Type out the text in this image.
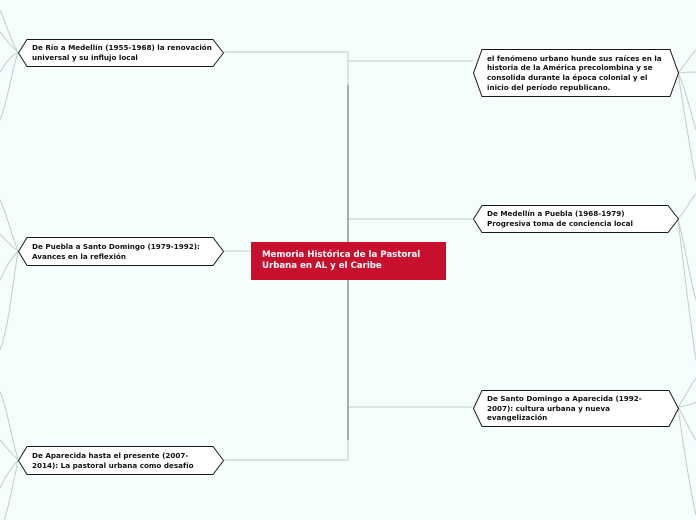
De Río a Medellín (1955-1968) la renovación universal y su influjo local
De Puebla a Santo Domingo (1979-1992): Avances en la reflexión
De Aparecida hasta el presente (2007-2014): La pastoral urbana como desafío
Memoria Histórica de la Pastoral Urbana en AL y el Caribe
el fenómeno urbano hunde sus raíces en la historia de la América precolombina y se consolida durante la época colonial y el inicio del período republicano.
De Medellín a Puebla (1968-1979) Progresiva toma de conciencia local
De Santo Domingo a Aparecida (1992-2007): cultura urbana y nueva evangelización
